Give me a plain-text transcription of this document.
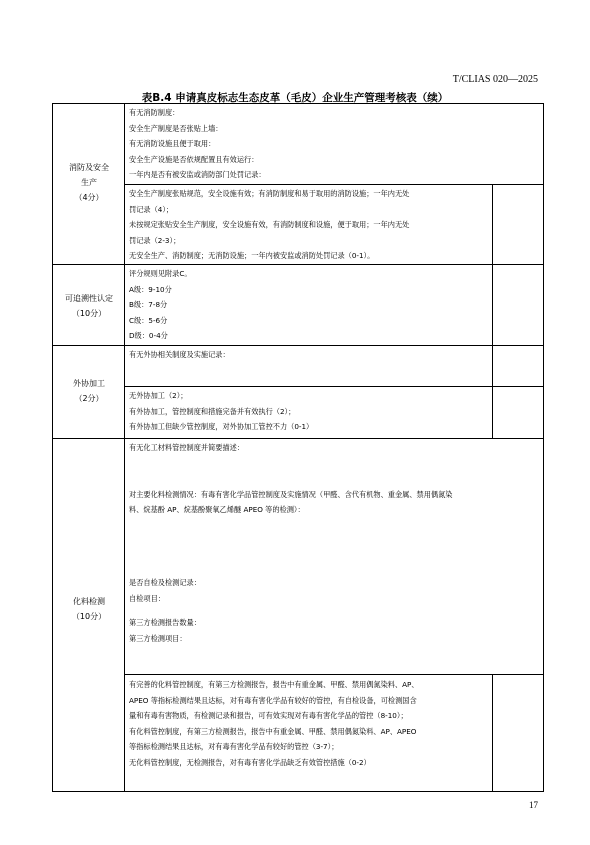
T/CLIAS 020—2025
表B.4 申请真皮标志生态皮革（毛皮）企业生产管理考核表（续）
消防及安全
生产
（4分）
有无消防制度：
安全生产制度是否张贴上墙：
有无消防设施且便于取用：
安全生产设施是否依规配置且有效运行：
一年内是否有被安监或消防部门处罚记录：
安全生产制度张贴规范，安全设施有效；有消防制度和易于取用的消防设施；一年内无处
罚记录（4）；
未按规定张贴安全生产制度，安全设施有效，有消防制度和设施，便于取用；一年内无处
罚记录（2-3）；
无安全生产、消防制度；无消防设施；一年内被安监或消防处罚记录（0-1）。
可追溯性认定
（10分）
评分规则见附录C。
A级：9-10分
B级：7-8分
C级：5-6分
D级：0-4分
外协加工
（2分）
有无外协相关制度及实施记录：
无外协加工（2）；
有外协加工，管控制度和措施完备并有效执行（2）；
有外协加工但缺少管控制度，对外协加工管控不力（0-1）
化料检测
（10分）
有无化工材料管控制度并简要描述：
对主要化料检测情况：有毒有害化学品管控制度及实施情况（甲醛、含代有机物、重金属、禁用偶氮染
料、烷基酚 AP、烷基酚聚氧乙烯醚 APEO 等的检测）：
是否自检及检测记录：
自检项目：
第三方检测报告数量：
第三方检测项目：
有完善的化料管控制度，有第三方检测报告，报告中有重金属、甲醛、禁用偶氮染料、AP、
APEO 等指标检测结果且达标，对有毒有害化学品有较好的管控，有自检设备，可检测国含
量和有毒有害物质，有检测记录和报告，可有效实现对有毒有害化学品的管控（8-10）；
有化料管控制度，有第三方检测报告，报告中有重金属、甲醛、禁用偶氮染料、AP、APEO
等指标检测结果且达标，对有毒有害化学品有较好的管控（3-7）；
无化料管控制度，无检测报告，对有毒有害化学品缺乏有效管控措施（0-2）
17
